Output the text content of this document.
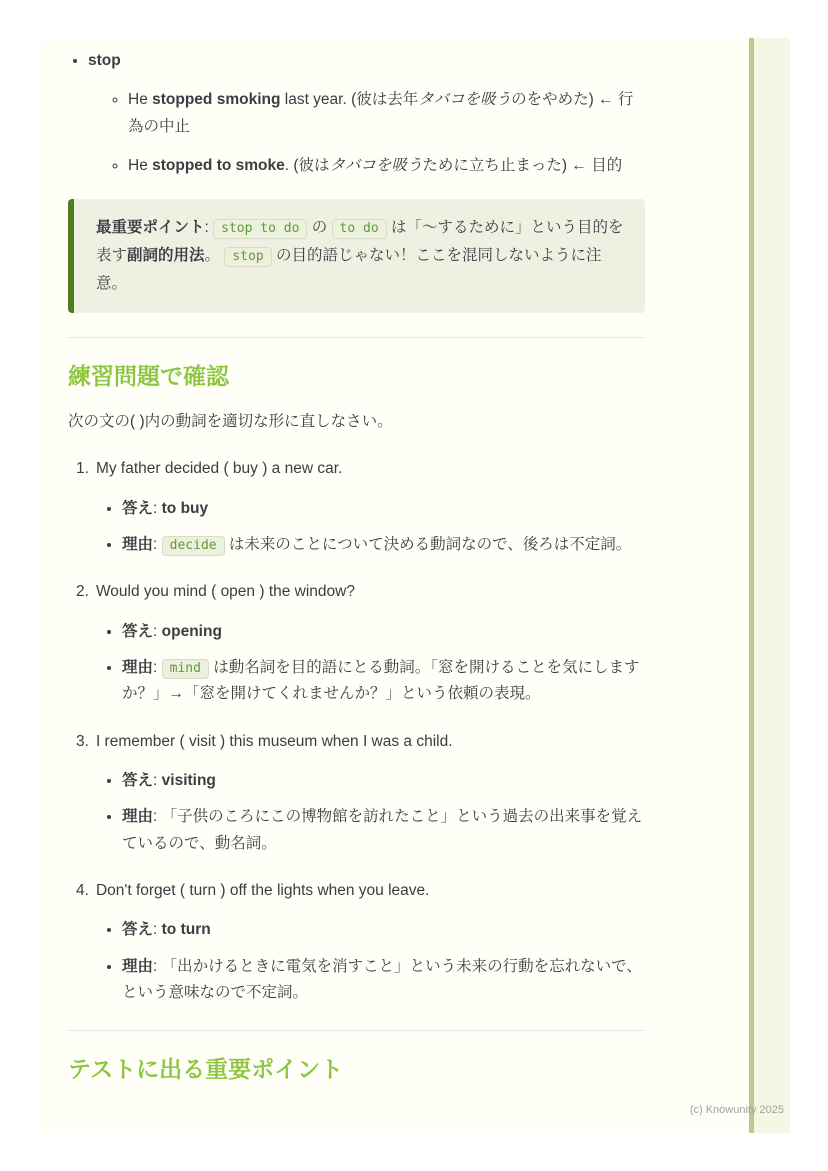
• stop
◦ He stopped smoking last year. (彼は去年タバコを吸うのをやめた) ← 行為の中止
◦ He stopped to smoke. (彼はタバコを吸うために立ち止まった) ← 目的

最重要ポイント: stop to do の to do は「〜するために」という目的を表す副詞的用法。 stop の目的語じゃない！ここを混同しないように注意。

練習問題で確認

次の文の( )内の動詞を適切な形に直しなさい。

1. My father decided ( buy ) a new car.
• 答え: to buy
• 理由: decide は未来のことについて決める動詞なので、後ろは不定詞。
2. Would you mind ( open ) the window?
• 答え: opening
• 理由: mind は動名詞を目的語にとる動詞。「窓を開けることを気にしますか？」→「窓を開けてくれませんか？」という依頼の表現。
3. I remember ( visit ) this museum when I was a child.
• 答え: visiting
• 理由: 「子供のころにこの博物館を訪れたこと」という過去の出来事を覚えているので、動名詞。
4. Don't forget ( turn ) off the lights when you leave.
• 答え: to turn
• 理由: 「出かけるときに電気を消すこと」という未来の行動を忘れないで、という意味なので不定詞。
テストに出る重要ポイント
(c) Knowunity 2025
